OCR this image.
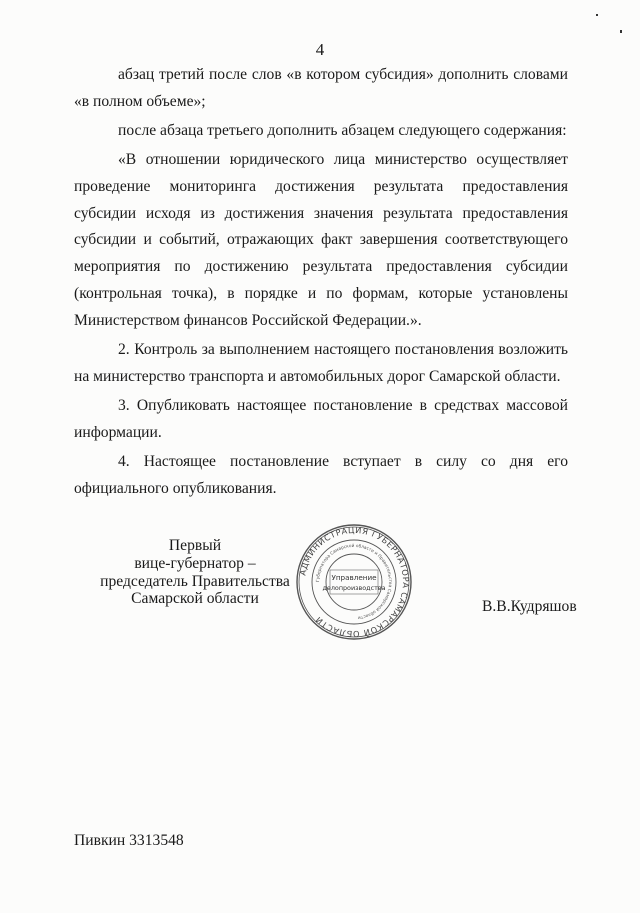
4

абзац третий после слов «в котором субсидия» дополнить словами «в полном объеме»;

после абзаца третьего дополнить абзацем следующего содержания:

«В отношении юридического лица министерство осуществляет проведение мониторинга достижения результата предоставления субсидии исходя из достижения значения результата предоставления субсидии и событий, отражающих факт завершения соответствующего мероприятия по достижению результата предоставления субсидии (контрольная точка), в порядке и по формам, которые установлены Министерством финансов Российской Федерации.».

2. Контроль за выполнением настоящего постановления возложить на министерство транспорта и автомобильных дорог Самарской области.

3. Опубликовать настоящее постановление в средствах массовой информации.

4. Настоящее постановление вступает в силу со дня его официального опубликования.

Первый
вице-губернатор –
председатель Правительства
Самарской области
АДМИНИСТРАЦИЯ ГУБЕРНАТОРА САМАРСКОЙ ОБЛАСТИ
Губернатора Самарской области и Правительства Самарской области
Управление
делопроизводства
В.В.Кудряшов
Пивкин 3313548
